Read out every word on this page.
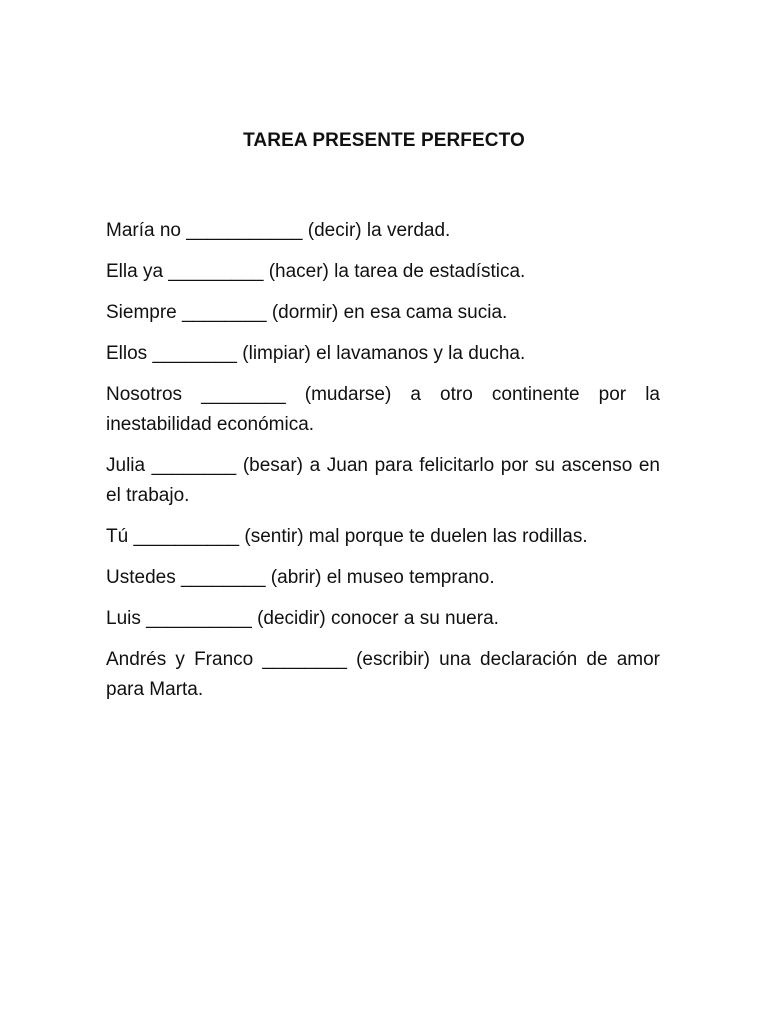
TAREA PRESENTE PERFECTO

María no ___________ (decir) la verdad.

Ella ya _________ (hacer) la tarea de estadística.

Siempre ________ (dormir) en esa cama sucia.

Ellos ________ (limpiar) el lavamanos y la ducha.

Nosotros ________ (mudarse) a otro continente por la inestabilidad económica.

Julia ________ (besar) a Juan para felicitarlo por su ascenso en el trabajo.

Tú __________ (sentir) mal porque te duelen las rodillas.

Ustedes ________ (abrir) el museo temprano.

Luis __________ (decidir) conocer a su nuera.

Andrés y Franco ________ (escribir) una declaración de amor para Marta.
